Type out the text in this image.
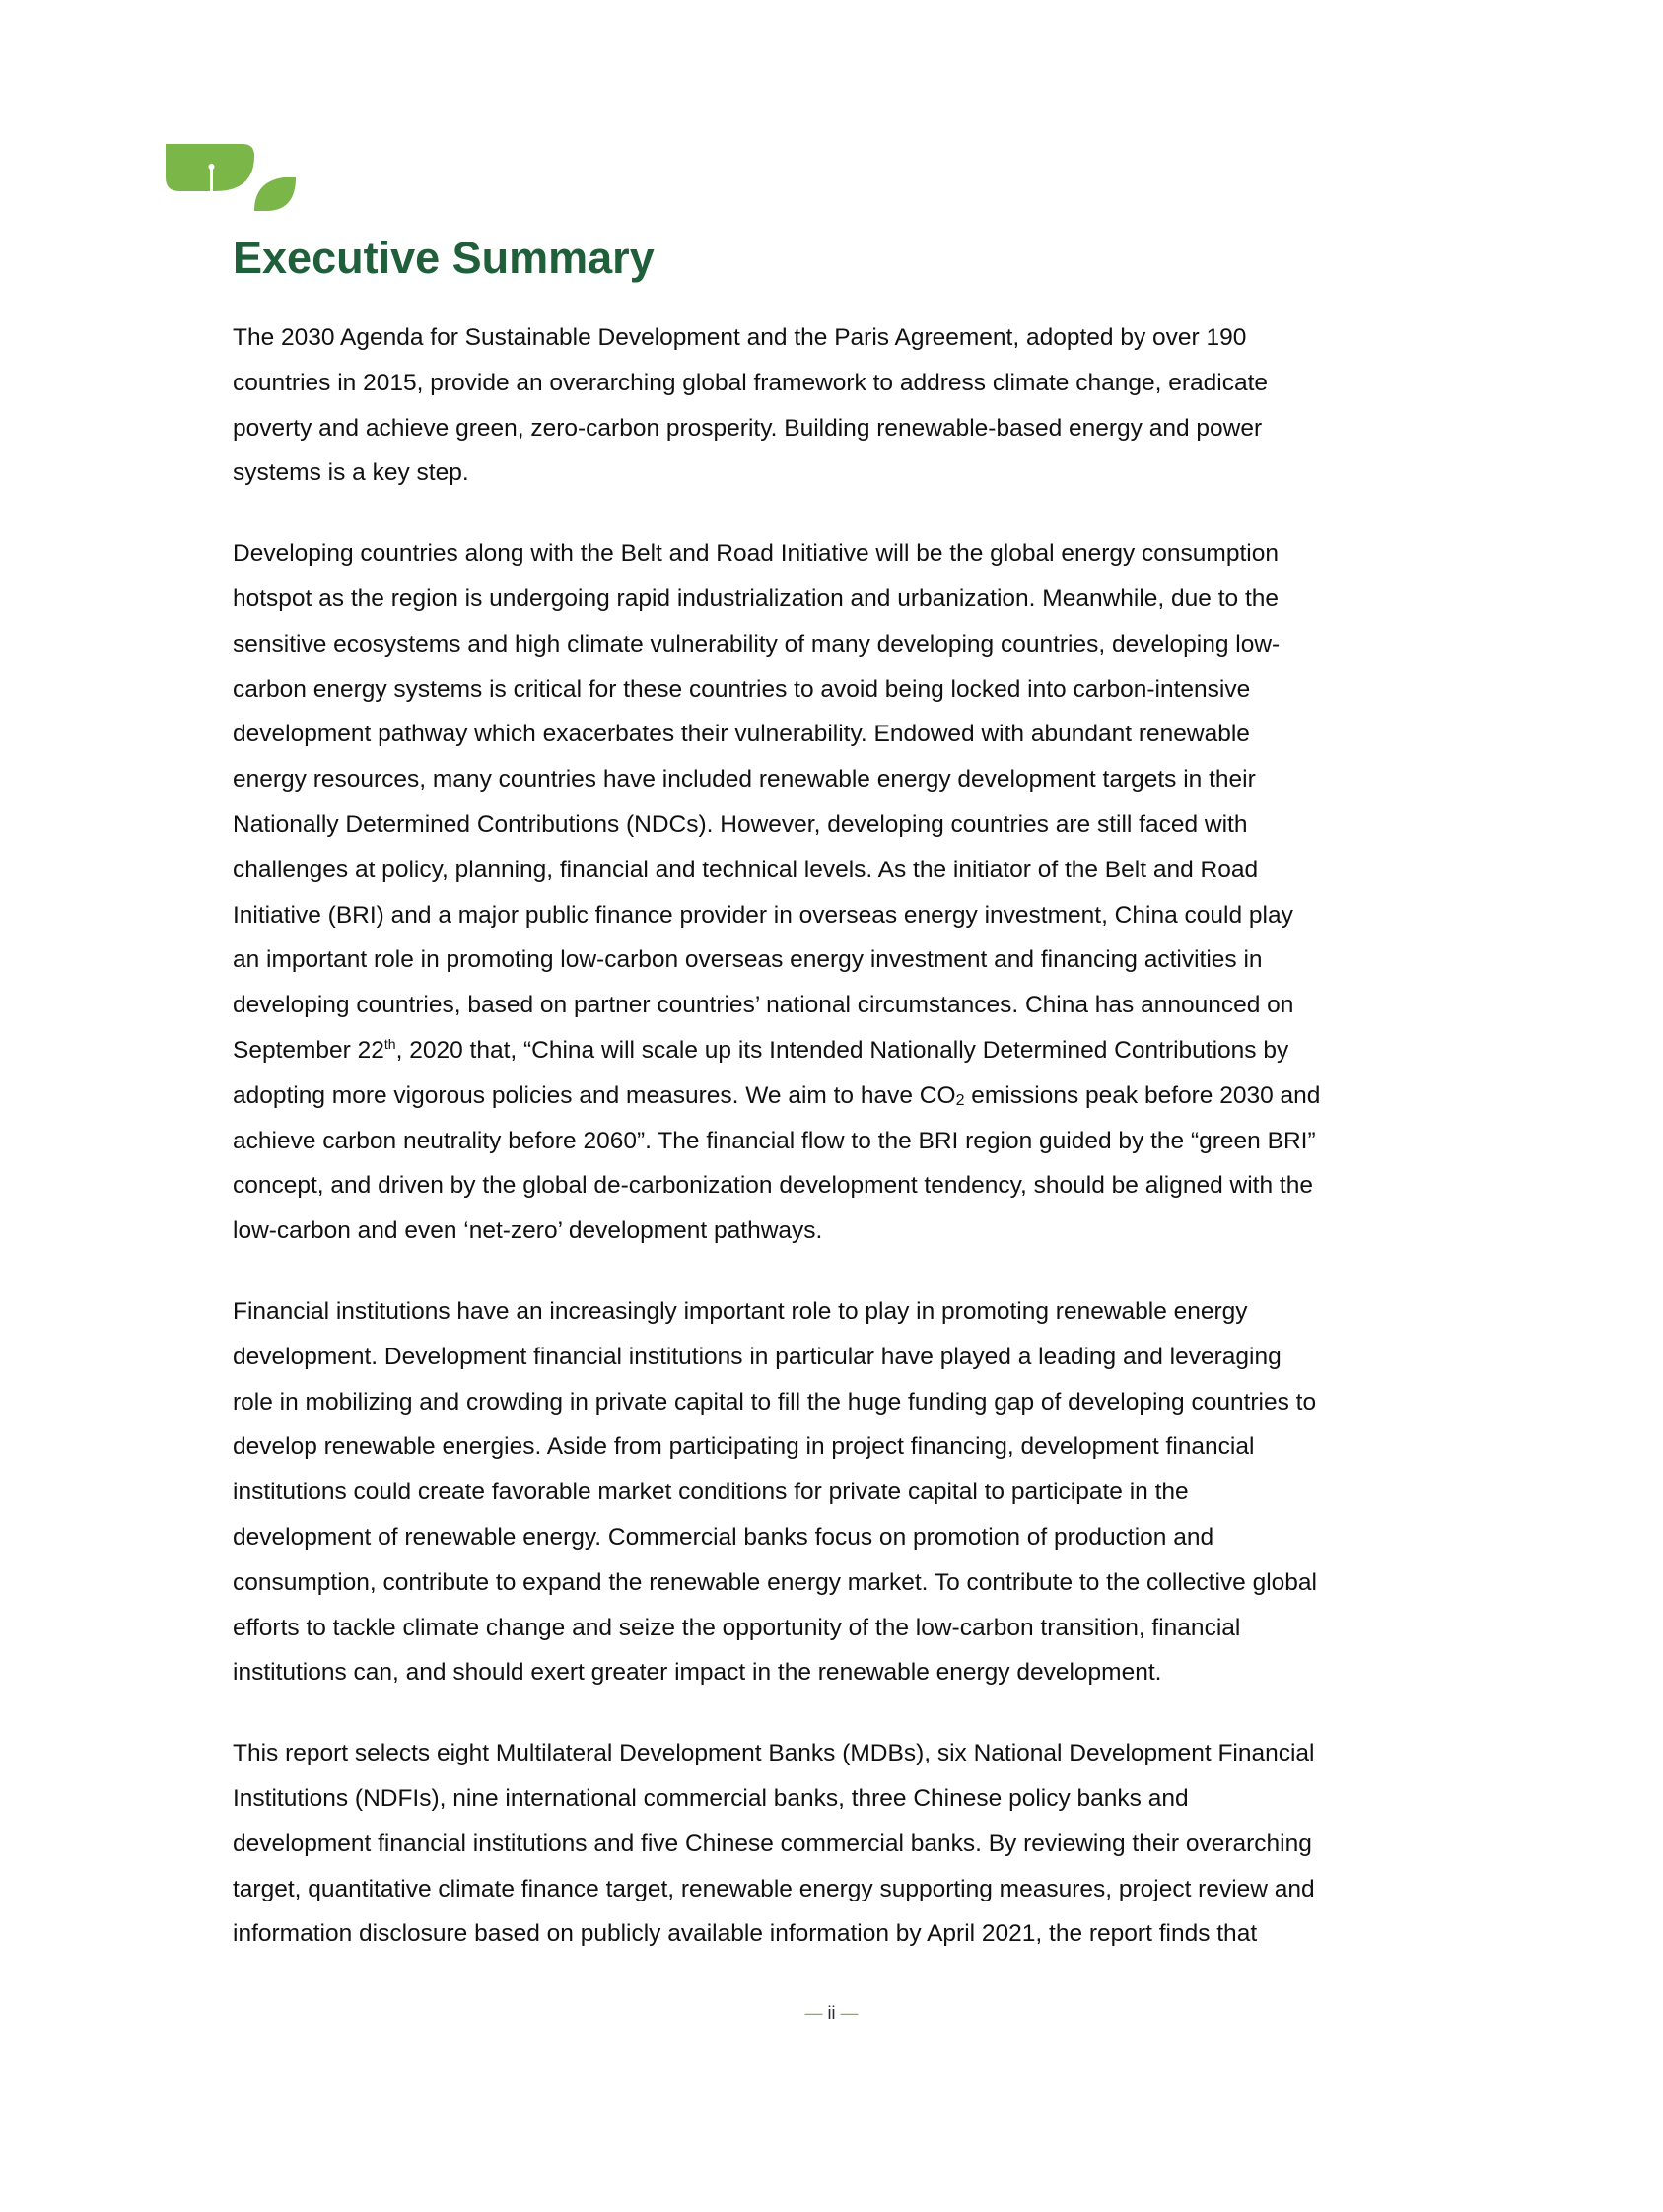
Executive Summary

The 2030 Agenda for Sustainable Development and the Paris Agreement, adopted by over 190
countries in 2015, provide an overarching global framework to address climate change, eradicate
poverty and achieve green, zero-carbon prosperity. Building renewable-based energy and power
systems is a key step.

Developing countries along with the Belt and Road Initiative will be the global energy consumption
hotspot as the region is undergoing rapid industrialization and urbanization. Meanwhile, due to the
sensitive ecosystems and high climate vulnerability of many developing countries, developing low-
carbon energy systems is critical for these countries to avoid being locked into carbon-intensive
development pathway which exacerbates their vulnerability. Endowed with abundant renewable
energy resources, many countries have included renewable energy development targets in their
Nationally Determined Contributions (NDCs). However, developing countries are still faced with
challenges at policy, planning, financial and technical levels. As the initiator of the Belt and Road
Initiative (BRI) and a major public finance provider in overseas energy investment, China could play
an important role in promoting low-carbon overseas energy investment and financing activities in
developing countries, based on partner countries’ national circumstances. China has announced on
September 22th, 2020 that, “China will scale up its Intended Nationally Determined Contributions by
adopting more vigorous policies and measures. We aim to have $CO_2$ emissions peak before 2030 and
achieve carbon neutrality before 2060”. The financial flow to the BRI region guided by the “green BRI”
concept, and driven by the global de-carbonization development tendency, should be aligned with the
low-carbon and even ‘net-zero’ development pathways.

Financial institutions have an increasingly important role to play in promoting renewable energy
development. Development financial institutions in particular have played a leading and leveraging
role in mobilizing and crowding in private capital to fill the huge funding gap of developing countries to
develop renewable energies. Aside from participating in project financing, development financial
institutions could create favorable market conditions for private capital to participate in the
development of renewable energy. Commercial banks focus on promotion of production and
consumption, contribute to expand the renewable energy market. To contribute to the collective global
efforts to tackle climate change and seize the opportunity of the low-carbon transition, financial
institutions can, and should exert greater impact in the renewable energy development.

This report selects eight Multilateral Development Banks (MDBs), six National Development Financial
Institutions (NDFIs), nine international commercial banks, three Chinese policy banks and
development financial institutions and five Chinese commercial banks. By reviewing their overarching
target, quantitative climate finance target, renewable energy supporting measures, project review and
information disclosure based on publicly available information by April 2021, the report finds that

— ii —
